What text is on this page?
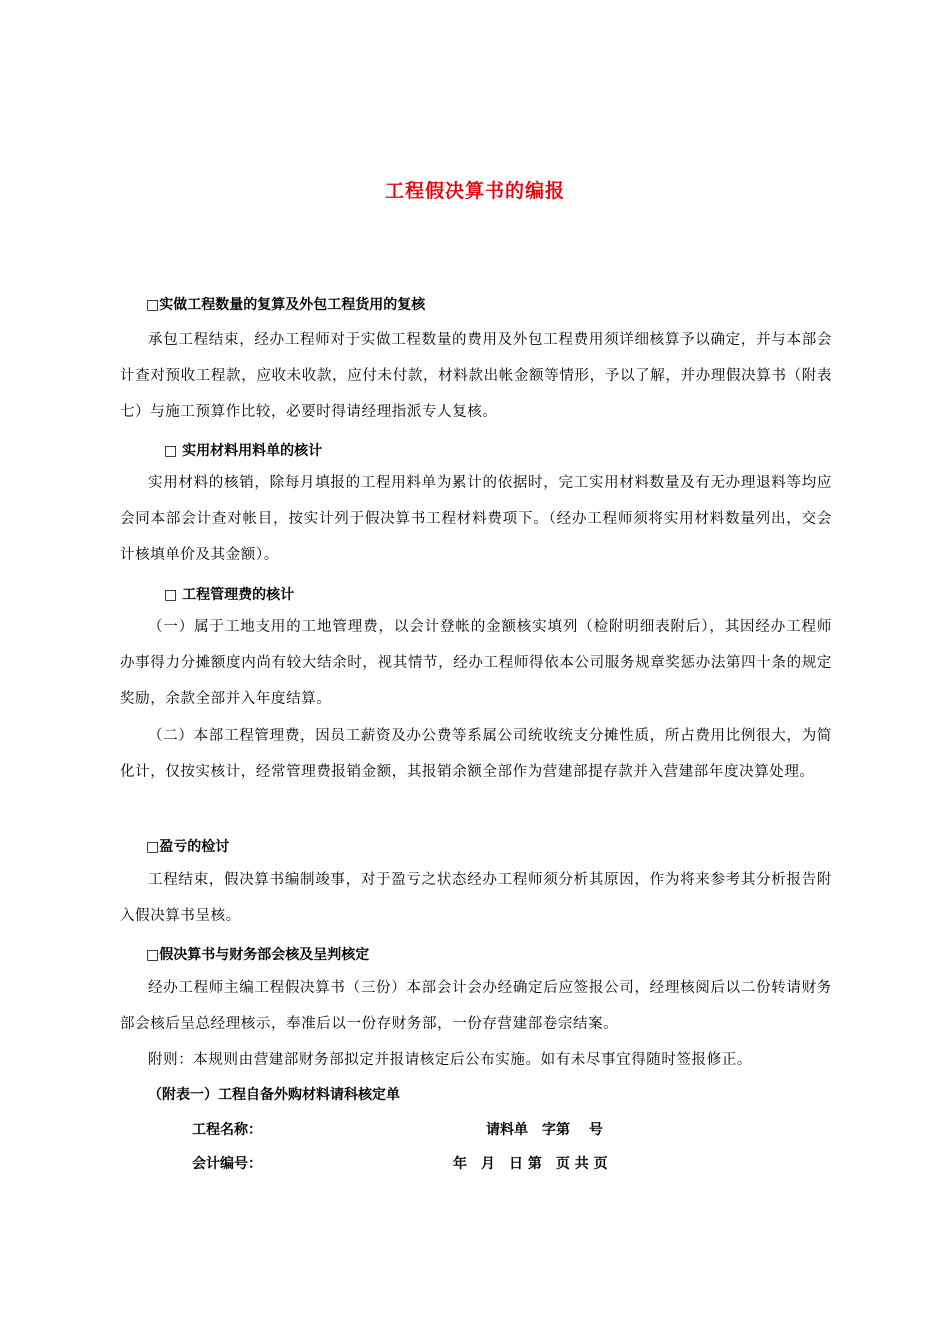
工程假决算书的编报
□实做工程数量的复算及外包工程货用的复核
承包工程结束，经办工程师对于实做工程数量的费用及外包工程费用须详细核算予以确定，并与本部会计查对预收工程款，应收未收款，应付未付款，材料款出帐金额等情形，予以了解，并办理假决算书（附表七）与施工预算作比较，必要时得请经理指派专人复核。
□ 实用材料用料单的核计
实用材料的核销，除每月填报的工程用料单为累计的依据时，完工实用材料数量及有无办理退料等均应会同本部会计查对帐目，按实计列于假决算书工程材料费项下。（经办工程师须将实用材料数量列出，交会计核填单价及其金额）。
□ 工程管理费的核计
（一）属于工地支用的工地管理费，以会计登帐的金额核实填列（检附明细表附后），其因经办工程师办事得力分摊额度内尚有较大结余时，视其情节，经办工程师得依本公司服务规章奖惩办法第四十条的规定奖励，余款全部并入年度结算。
（二）本部工程管理费，因员工薪资及办公费等系属公司统收统支分摊性质，所占费用比例很大，为简化计，仅按实核计，经常管理费报销金额，其报销余额全部作为营建部提存款并入营建部年度决算处理。
□盈亏的检讨
工程结束，假决算书编制竣事，对于盈亏之状态经办工程师须分析其原因，作为将来参考其分析报告附入假决算书呈核。
□假决算书与财务部会核及呈判核定
经办工程师主编工程假决算书（三份）本部会计会办经确定后应签报公司，经理核阅后以二份转请财务部会核后呈总经理核示，奉准后以一份存财务部，一份存营建部卷宗结案。
附则：本规则由营建部财务部拟定并报请核定后公布实施。如有未尽事宜得随时签报修正。
（附表一）工程自备外购材料请科核定单
工程名称：	请料单　字第　 号
会计编号：	年　月　日 第　页 共 页
